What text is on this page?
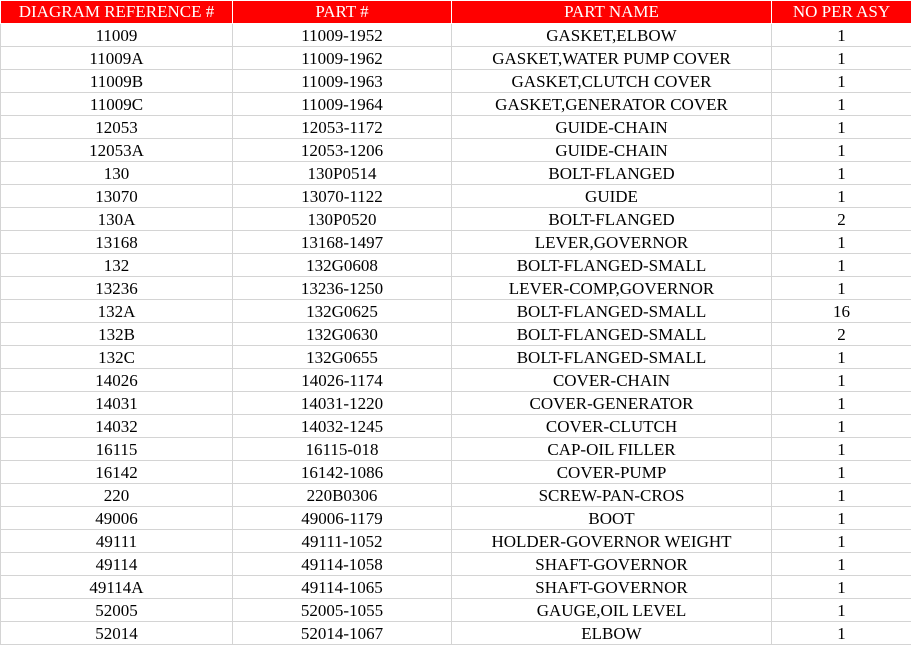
DIAGRAM REFERENCE #	PART #	PART NAME	NO PER ASY
11009	11009-1952	GASKET,ELBOW	1
11009A	11009-1962	GASKET,WATER PUMP COVER	1
11009B	11009-1963	GASKET,CLUTCH COVER	1
11009C	11009-1964	GASKET,GENERATOR COVER	1
12053	12053-1172	GUIDE-CHAIN	1
12053A	12053-1206	GUIDE-CHAIN	1
130	130P0514	BOLT-FLANGED	1
13070	13070-1122	GUIDE	1
130A	130P0520	BOLT-FLANGED	2
13168	13168-1497	LEVER,GOVERNOR	1
132	132G0608	BOLT-FLANGED-SMALL	1
13236	13236-1250	LEVER-COMP,GOVERNOR	1
132A	132G0625	BOLT-FLANGED-SMALL	16
132B	132G0630	BOLT-FLANGED-SMALL	2
132C	132G0655	BOLT-FLANGED-SMALL	1
14026	14026-1174	COVER-CHAIN	1
14031	14031-1220	COVER-GENERATOR	1
14032	14032-1245	COVER-CLUTCH	1
16115	16115-018	CAP-OIL FILLER	1
16142	16142-1086	COVER-PUMP	1
220	220B0306	SCREW-PAN-CROS	1
49006	49006-1179	BOOT	1
49111	49111-1052	HOLDER-GOVERNOR WEIGHT	1
49114	49114-1058	SHAFT-GOVERNOR	1
49114A	49114-1065	SHAFT-GOVERNOR	1
52005	52005-1055	GAUGE,OIL LEVEL	1
52014	52014-1067	ELBOW	1
